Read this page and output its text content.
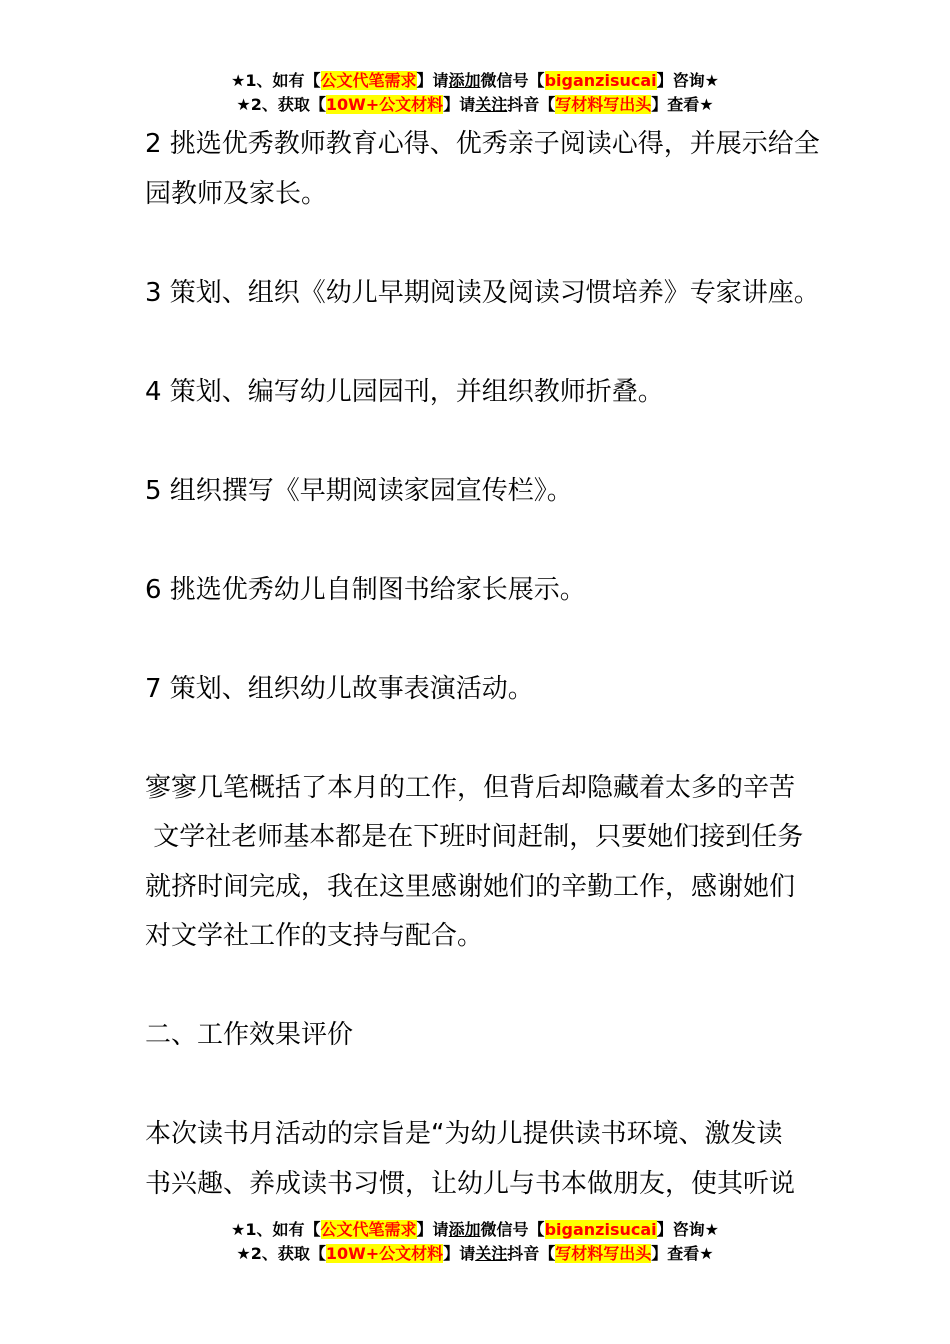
★1、如有【公文代笔需求】请添加微信号【biganzisucai】咨询★
★2、获取【10W+公文材料】请关注抖音【写材料写出头】查看★

2 挑选优秀教师教育心得、优秀亲子阅读心得，并展示给全

园教师及家长。

3 策划、组织《幼儿早期阅读及阅读习惯培养》专家讲座。

4 策划、编写幼儿园园刊，并组织教师折叠。

5 组织撰写《早期阅读家园宣传栏》。

6 挑选优秀幼儿自制图书给家长展示。

7 策划、组织幼儿故事表演活动。

寥寥几笔概括了本月的工作，但背后却隐藏着太多的辛苦

文学社老师基本都是在下班时间赶制，只要她们接到任务

就挤时间完成，我在这里感谢她们的辛勤工作，感谢她们

对文学社工作的支持与配合。

二、工作效果评价

本次读书月活动的宗旨是“为幼儿提供读书环境、激发读

书兴趣、养成读书习惯，让幼儿与书本做朋友，使其听说

★1、如有【公文代笔需求】请添加微信号【biganzisucai】咨询★
★2、获取【10W+公文材料】请关注抖音【写材料写出头】查看★
